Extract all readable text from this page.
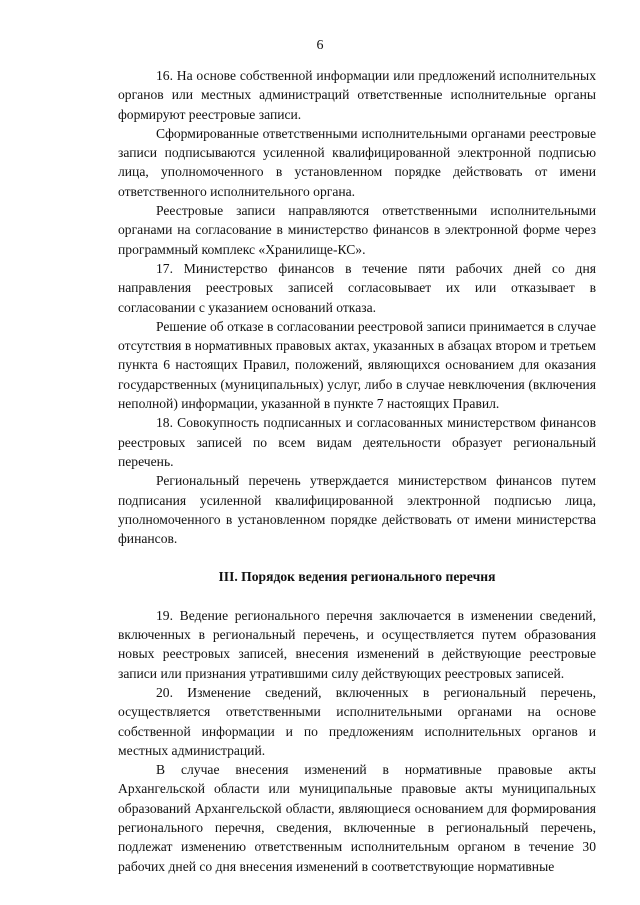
6

16. На основе собственной информации или предложений исполнительных органов или местных администраций ответственные исполнительные органы формируют реестровые записи.

Сформированные ответственными исполнительными органами реестровые записи подписываются усиленной квалифицированной электронной подписью лица, уполномоченного в установленном порядке действовать от имени ответственного исполнительного органа.

Реестровые записи направляются ответственными исполнительными органами на согласование в министерство финансов в электронной форме через программный комплекс «Хранилище-КС».

17. Министерство финансов в течение пяти рабочих дней со дня направления реестровых записей согласовывает их или отказывает в согласовании с указанием оснований отказа.

Решение об отказе в согласовании реестровой записи принимается в случае отсутствия в нормативных правовых актах, указанных в абзацах втором и третьем пункта 6 настоящих Правил, положений, являющихся основанием для оказания государственных (муниципальных) услуг, либо в случае невключения (включения неполной) информации, указанной в пункте 7 настоящих Правил.

18. Совокупность подписанных и согласованных министерством финансов реестровых записей по всем видам деятельности образует региональный перечень.

Региональный перечень утверждается министерством финансов путем подписания усиленной квалифицированной электронной подписью лица, уполномоченного в установленном порядке действовать от имени министерства финансов.

III. Порядок ведения регионального перечня

19. Ведение регионального перечня заключается в изменении сведений, включенных в региональный перечень, и осуществляется путем образования новых реестровых записей, внесения изменений в действующие реестровые записи или признания утратившими силу действующих реестровых записей.

20. Изменение сведений, включенных в региональный перечень, осуществляется ответственными исполнительными органами на основе собственной информации и по предложениям исполнительных органов и местных администраций.

В случае внесения изменений в нормативные правовые акты Архангельской области или муниципальные правовые акты муниципальных образований Архангельской области, являющиеся основанием для формирования регионального перечня, сведения, включенные в региональный перечень, подлежат изменению ответственным исполнительным органом в течение 30 рабочих дней со дня внесения изменений в соответствующие нормативные
